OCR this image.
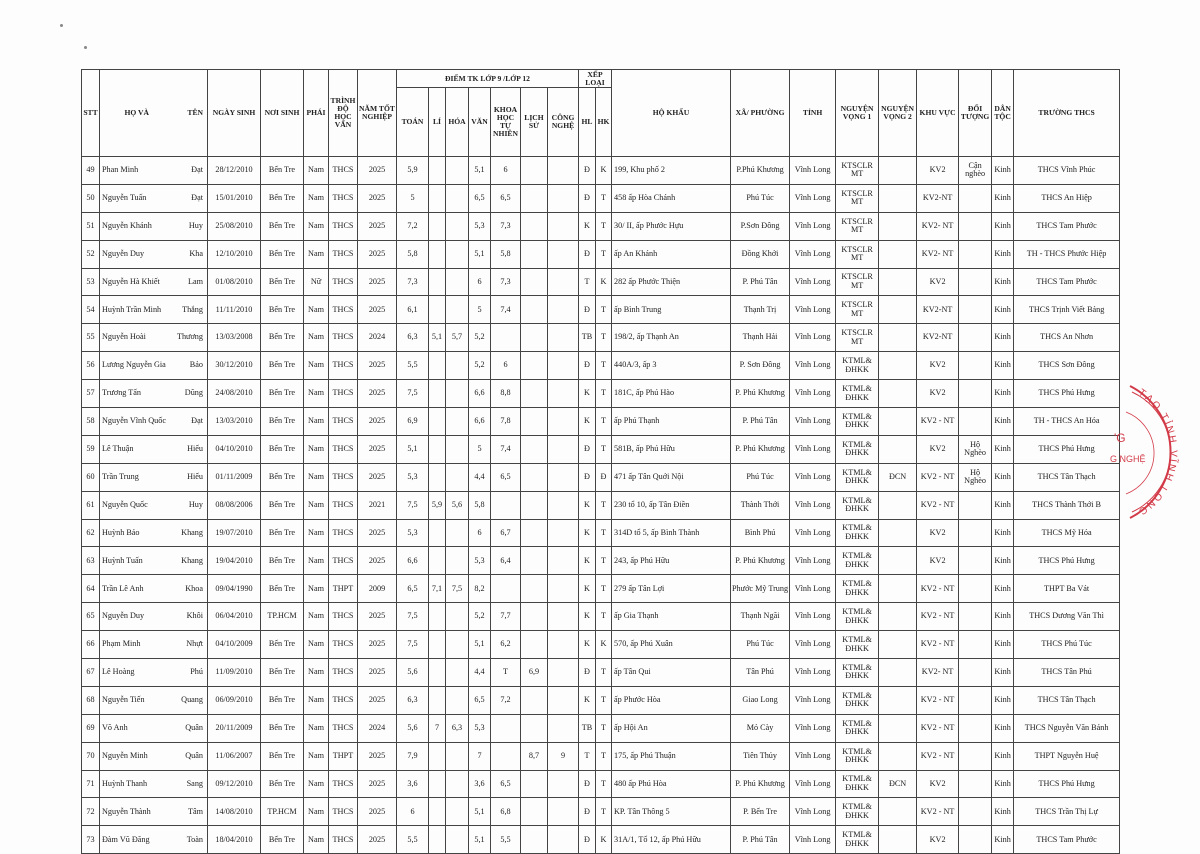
STT	HỌ VÀ	TÊN	NGÀY SINH	NƠI SINH	PHÁI	TRÌNH ĐỘ HỌC VẤN	NĂM TỐT NGHIỆP	ĐIỂM TK LỚP 9 /LỚP 12							XẾP LOẠI		HỘ KHẨU	XÃ/ PHƯỜNG	TỈNH	NGUYỆN VỌNG 1	NGUYỆN VỌNG 2	KHU VỰC	ĐỐI TƯỢNG	DÂN TỘC	TRƯỜNG THCS
								TOÁN	LÍ	HÓA	VĂN	KHOA HỌC TỰ NHIÊN	LỊCH SỬ	CÔNG NGHỆ	HL	HK									
49	Phan Minh	Đạt	28/12/2010	Bến Tre	Nam	THCS	2025	5,9			5,1	6			Đ	K	199, Khu phố 2	P.Phú Khương	Vĩnh Long	KTSCLR MT		KV2	Cận nghèo	Kinh	THCS Vĩnh Phúc
50	Nguyễn Tuấn	Đạt	15/01/2010	Bến Tre	Nam	THCS	2025	5			6,5	6,5			Đ	T	458 ấp Hòa Chánh	Phú Túc	Vĩnh Long	KTSCLR MT		KV2-NT		Kinh	THCS An Hiệp
51	Nguyễn Khánh	Huy	25/08/2010	Bến Tre	Nam	THCS	2025	7,2			5,3	7,3			K	T	30/ II, ấp Phước Hựu	P.Sơn Đông	Vĩnh Long	KTSCLR MT		KV2- NT		Kinh	THCS Tam Phước
52	Nguyễn Duy	Kha	12/10/2010	Bến Tre	Nam	THCS	2025	5,8			5,1	5,8			Đ	T	ấp An Khánh	Đồng Khởi	Vĩnh Long	KTSCLR MT		KV2- NT		Kinh	TH - THCS Phước Hiệp
53	Nguyễn Hà Khiết	Lam	01/08/2010	Bến Tre	Nữ	THCS	2025	7,3			6	7,3			T	K	282 ấp Phước Thiện	P. Phú Tân	Vĩnh Long	KTSCLR MT		KV2		Kinh	THCS Tam Phước
54	Huỳnh Trần Minh	Thắng	11/11/2010	Bến Tre	Nam	THCS	2025	6,1			5	7,4			Đ	T	ấp Bình Trung	Thạnh Trị	Vĩnh Long	KTSCLR MT		KV2-NT		Kinh	THCS Trịnh Viết Bảng
55	Nguyễn Hoài	Thương	13/03/2008	Bến Tre	Nam	THCS	2024	6,3	5,1	5,7	5,2				TB	T	198/2, ấp Thạnh An	Thạnh Hải	Vĩnh Long	KTSCLR MT		KV2-NT		Kinh	THCS An Nhơn
56	Lương Nguyễn Gia	Bảo	30/12/2010	Bến Tre	Nam	THCS	2025	5,5			5,2	6			Đ	T	440A/3, ấp 3	P. Sơn Đông	Vĩnh Long	KTML& ĐHKK		KV2		Kinh	THCS Sơn Đông
57	Trương Tấn	Dũng	24/08/2010	Bến Tre	Nam	THCS	2025	7,5			6,6	8,8			K	T	181C, ấp Phú Hào	P. Phú Khương	Vĩnh Long	KTML& ĐHKK		KV2		Kinh	THCS Phú Hưng
58	Nguyễn Vĩnh Quốc	Đạt	13/03/2010	Bến Tre	Nam	THCS	2025	6,9			6,6	7,8			K	T	ấp Phú Thạnh	P. Phú Tân	Vĩnh Long	KTML& ĐHKK		KV2 - NT		Kinh	TH - THCS An Hóa
59	Lê Thuận	Hiếu	04/10/2010	Bến Tre	Nam	THCS	2025	5,1			5	7,4			Đ	T	581B, ấp Phú Hữu	P. Phú Khương	Vĩnh Long	KTML& ĐHKK		KV2	Hộ Nghèo	Kinh	THCS Phú Hưng
60	Trần Trung	Hiếu	01/11/2009	Bến Tre	Nam	THCS	2025	5,3			4,4	6,5			Đ	Đ	471 ấp Tân Quới Nội	Phú Túc	Vĩnh Long	KTML& ĐHKK	ĐCN	KV2 - NT	Hộ Nghèo	Kinh	THCS Tân Thạch
61	Nguyễn Quốc	Huy	08/08/2006	Bến Tre	Nam	THCS	2021	7,5	5,9	5,6	5,8				K	T	230 tổ 10, ấp Tân Điền	Thành Thới	Vĩnh Long	KTML& ĐHKK		KV2 - NT		Kinh	THCS Thành Thới B
62	Huỳnh Bảo	Khang	19/07/2010	Bến Tre	Nam	THCS	2025	5,3			6	6,7			K	T	314D tổ 5, ấp Bình Thành	Bình Phú	Vĩnh Long	KTML& ĐHKK		KV2		Kinh	THCS Mỹ Hóa
63	Huỳnh Tuấn	Khang	19/04/2010	Bến Tre	Nam	THCS	2025	6,6			5,3	6,4			K	T	243, ấp Phú Hữu	P. Phú Khương	Vĩnh Long	KTML& ĐHKK		KV2		Kinh	THCS Phú Hưng
64	Trần Lê Anh	Khoa	09/04/1990	Bến Tre	Nam	THPT	2009	6,5	7,1	7,5	8,2				K	T	279 ấp Tân Lợi	Phước Mỹ Trung	Vĩnh Long	KTML& ĐHKK		KV2 - NT		Kinh	THPT Ba Vát
65	Nguyễn Duy	Khôi	06/04/2010	TP.HCM	Nam	THCS	2025	7,5			5,2	7,7			K	T	ấp Gia Thạnh	Thạnh Ngãi	Vĩnh Long	KTML& ĐHKK		KV2 - NT		Kinh	THCS Dương Văn Thì
66	Phạm Minh	Nhựt	04/10/2009	Bến Tre	Nam	THCS	2025	7,5			5,1	6,2			K	K	570, ấp Phú Xuân	Phú Túc	Vĩnh Long	KTML& ĐHKK		KV2 - NT		Kinh	THCS Phú Túc
67	Lê Hoàng	Phú	11/09/2010	Bến Tre	Nam	THCS	2025	5,6			4,4	T	6,9		Đ	T	ấp Tân Qui	Tân Phú	Vĩnh Long	KTML& ĐHKK		KV2- NT		Kinh	THCS Tân Phú
68	Nguyễn Tiến	Quang	06/09/2010	Bến Tre	Nam	THCS	2025	6,3			6,5	7,2			K	T	ấp Phước Hòa	Giao Long	Vĩnh Long	KTML& ĐHKK		KV2 - NT		Kinh	THCS Tân Thạch
69	Võ Anh	Quân	20/11/2009	Bến Tre	Nam	THCS	2024	5,6	7	6,3	5,3				TB	T	ấp Hội An	Mỏ Cày	Vĩnh Long	KTML& ĐHKK		KV2 - NT		Kinh	THCS Nguyễn Văn Bánh
70	Nguyễn Minh	Quân	11/06/2007	Bến Tre	Nam	THPT	2025	7,9			7		8,7	9	T	T	175, ấp Phú Thuận	Tiên Thủy	Vĩnh Long	KTML& ĐHKK		KV2 - NT		Kinh	THPT Nguyễn Huệ
71	Huỳnh Thanh	Sang	09/12/2010	Bến Tre	Nam	THCS	2025	3,6			3,6	6,5			Đ	T	480 ấp Phú Hòa	P. Phú Khương	Vĩnh Long	KTML& ĐHKK	ĐCN	KV2		Kinh	THCS Phú Hưng
72	Nguyễn Thành	Tâm	14/08/2010	TP.HCM	Nam	THCS	2025	6			5,1	6,8			Đ	T	KP. Tân Thông 5	P. Bến Tre	Vĩnh Long	KTML& ĐHKK		KV2 - NT		Kinh	THCS Trần Thị Lự
73	Đàm Vũ Đăng	Toàn	18/04/2010	Bến Tre	Nam	THCS	2025	5,5			5,1	5,5			Đ	K	31A/1, Tổ 12, ấp Phú Hữu	P. Phú Tân	Vĩnh Long	KTML& ĐHKK		KV2		Kinh	THCS Tam Phước
TẠO TỈNH VĨNH LONG
'G
G NGHỆ
